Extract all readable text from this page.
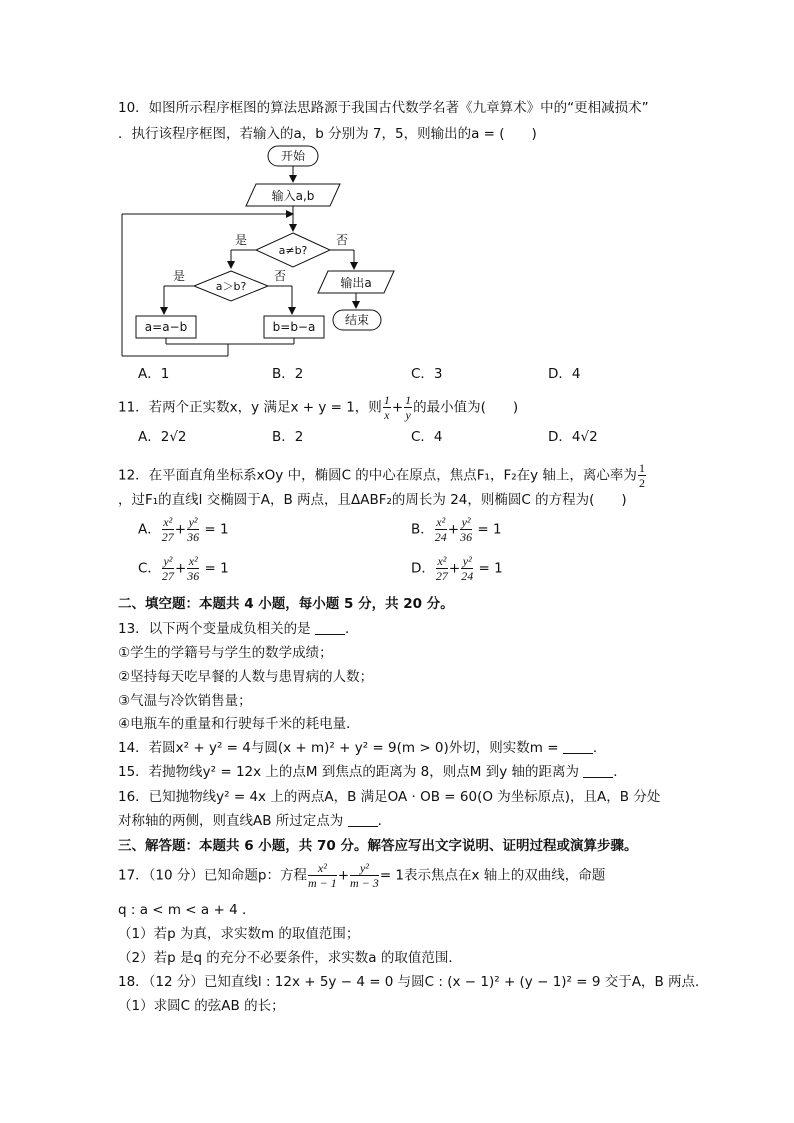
10．如图所示程序框图的算法思路源于我国古代数学名著《九章算术》中的“更相减损术”
．执行该程序框图，若输入的a，b 分别为 7，5，则输出的a = (　　)
开始
输入a,b
a≠b?
是	否
a＞b?
是	否
a=a−b	b=b−a
输出a
结束
A．1	B．2	C．3	D．4
11．若两个正实数x，y 满足x + y = 1，则 $\frac{1}{x} + \frac{1}{y}$ 的最小值为(　　)
A．2√2	B．2	C．4	D．4√2
12．在平面直角坐标系xOy 中，椭圆C 的中心在原点，焦点F₁，F₂在y 轴上，离心率为 $\frac{1}{2}$
，过F₁的直线l 交椭圆于A，B 两点，且ΔABF₂的周长为 24，则椭圆C 的方程为(　　)
A． $\frac{\text{x²}}{27} + \frac{\text{y²}}{36} = 1$	B． $\frac{\text{x²}}{24} + \frac{\text{y²}}{36} = 1$
C． $\frac{\text{y²}}{27} + \frac{\text{x²}}{36} = 1$	D． $\frac{\text{x²}}{27} + \frac{\text{y²}}{24} = 1$
二、填空题：本题共 4 小题，每小题 5 分，共 20 分。
13．以下两个变量成负相关的是	．
①学生的学籍号与学生的数学成绩；
②坚持每天吃早餐的人数与患胃病的人数；
③气温与冷饮销售量；
④电瓶车的重量和行驶每千米的耗电量．
14．若圆x² + y² = 4与圆(x + m)² + y² = 9(m > 0)外切，则实数m =	．
15．若抛物线y² = 12x 上的点M 到焦点的距离为 8，则点M 到y 轴的距离为	．
16．已知抛物线y² = 4x 上的两点A，B 满足OA · OB = 60(O 为坐标原点)，且A，B 分处
对称轴的两侧，则直线AB 所过定点为	．
三、解答题：本题共 6 小题，共 70 分。解答应写出文字说明、证明过程或演算步骤。
17．（10 分）已知命题p：方程 $\frac{\text{x²}}{m - 1} + \frac{\text{y²}}{m - 3} = 1$表示焦点在x 轴上的双曲线，命题
q : a < m < a + 4 ．
（1）若p 为真，求实数m 的取值范围；
（2）若p 是q 的充分不必要条件，求实数a 的取值范围．
18．（12 分）已知直线l : 12x + 5y − 4 = 0 与圆C : (x − 1)² + (y − 1)² = 9 交于A，B 两点．
（1）求圆C 的弦AB 的长；
